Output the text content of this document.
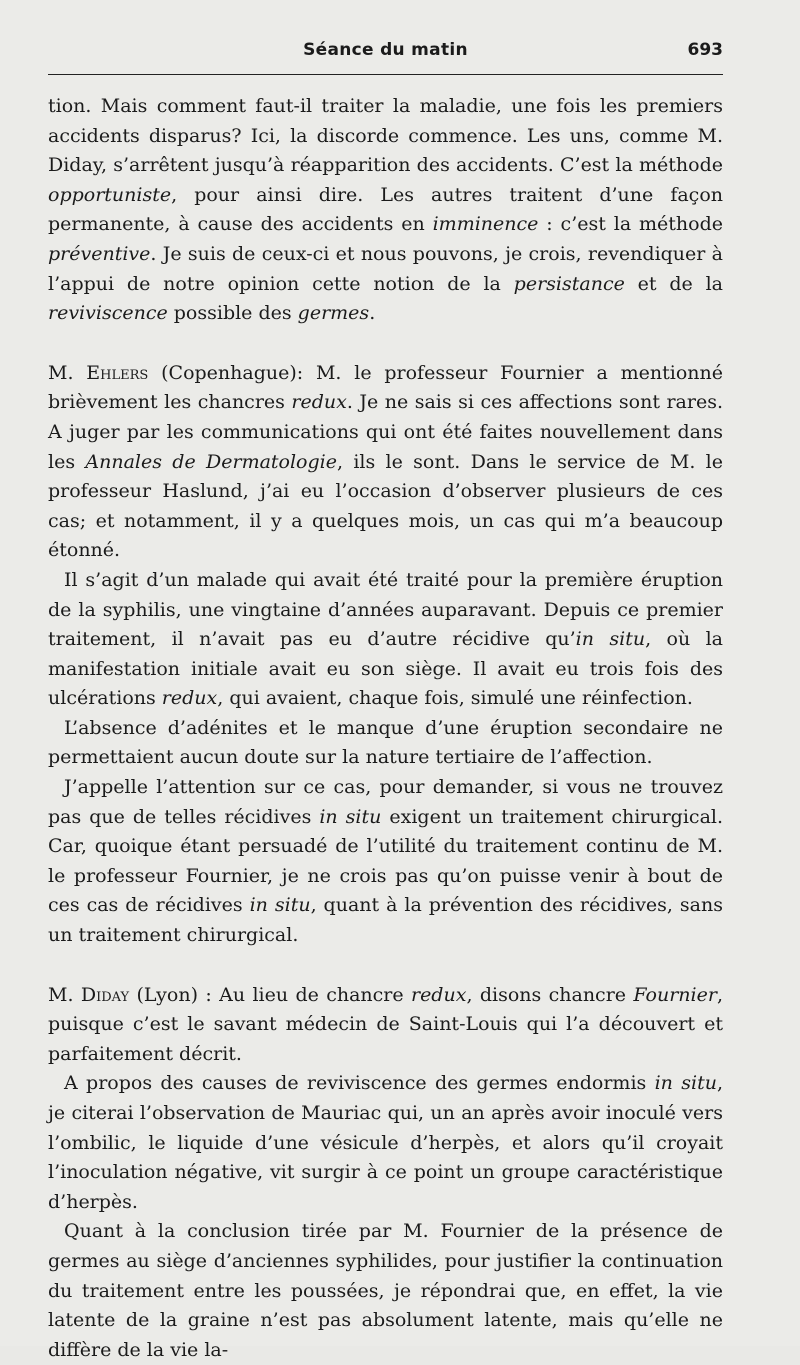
Séance du matin	693

tion. Mais comment faut-il traiter la maladie, une fois les premiers accidents disparus? Ici, la discorde commence. Les uns, comme M. Diday, s’arrêtent jusqu’à réapparition des accidents. C’est la méthode opportuniste, pour ainsi dire. Les autres traitent d’une façon permanente, à cause des accidents en imminence : c’est la méthode préventive. Je suis de ceux-ci et nous pouvons, je crois, revendiquer à l’appui de notre opinion cette notion de la persistance et de la reviviscence possible des germes.

M. Ehlers (Copenhague): M. le professeur Fournier a mentionné brièvement les chancres redux. Je ne sais si ces affections sont rares. A juger par les communications qui ont été faites nouvellement dans les Annales de Dermatologie, ils le sont. Dans le service de M. le professeur Haslund, j’ai eu l’occasion d’observer plusieurs de ces cas; et notamment, il y a quelques mois, un cas qui m’a beaucoup étonné.

Il s’agit d’un malade qui avait été traité pour la première éruption de la syphilis, une vingtaine d’années auparavant. Depuis ce premier traitement, il n’avait pas eu d’autre récidive qu’in situ, où la manifestation initiale avait eu son siège. Il avait eu trois fois des ulcérations redux, qui avaient, chaque fois, simulé une réinfection.

L’absence d’adénites et le manque d’une éruption secondaire ne permettaient aucun doute sur la nature tertiaire de l’affection.

J’appelle l’attention sur ce cas, pour demander, si vous ne trouvez pas que de telles récidives in situ exigent un traitement chirurgical. Car, quoique étant persuadé de l’utilité du traitement continu de M. le professeur Fournier, je ne crois pas qu’on puisse venir à bout de ces cas de récidives in situ, quant à la prévention des récidives, sans un traitement chirurgical.

M. Diday (Lyon) : Au lieu de chancre redux, disons chancre Fournier, puisque c’est le savant médecin de Saint-Louis qui l’a découvert et parfaitement décrit.

A propos des causes de reviviscence des germes endormis in situ, je citerai l’observation de Mauriac qui, un an après avoir inoculé vers l’ombilic, le liquide d’une vésicule d’herpès, et alors qu’il croyait l’inoculation négative, vit surgir à ce point un groupe caractéristique d’herpès.

Quant à la conclusion tirée par M. Fournier de la présence de germes au siège d’anciennes syphilides, pour justifier la continuation du traitement entre les poussées, je répondrai que, en effet, la vie latente de la graine n’est pas absolument latente, mais qu’elle ne diffère de la vie la-
